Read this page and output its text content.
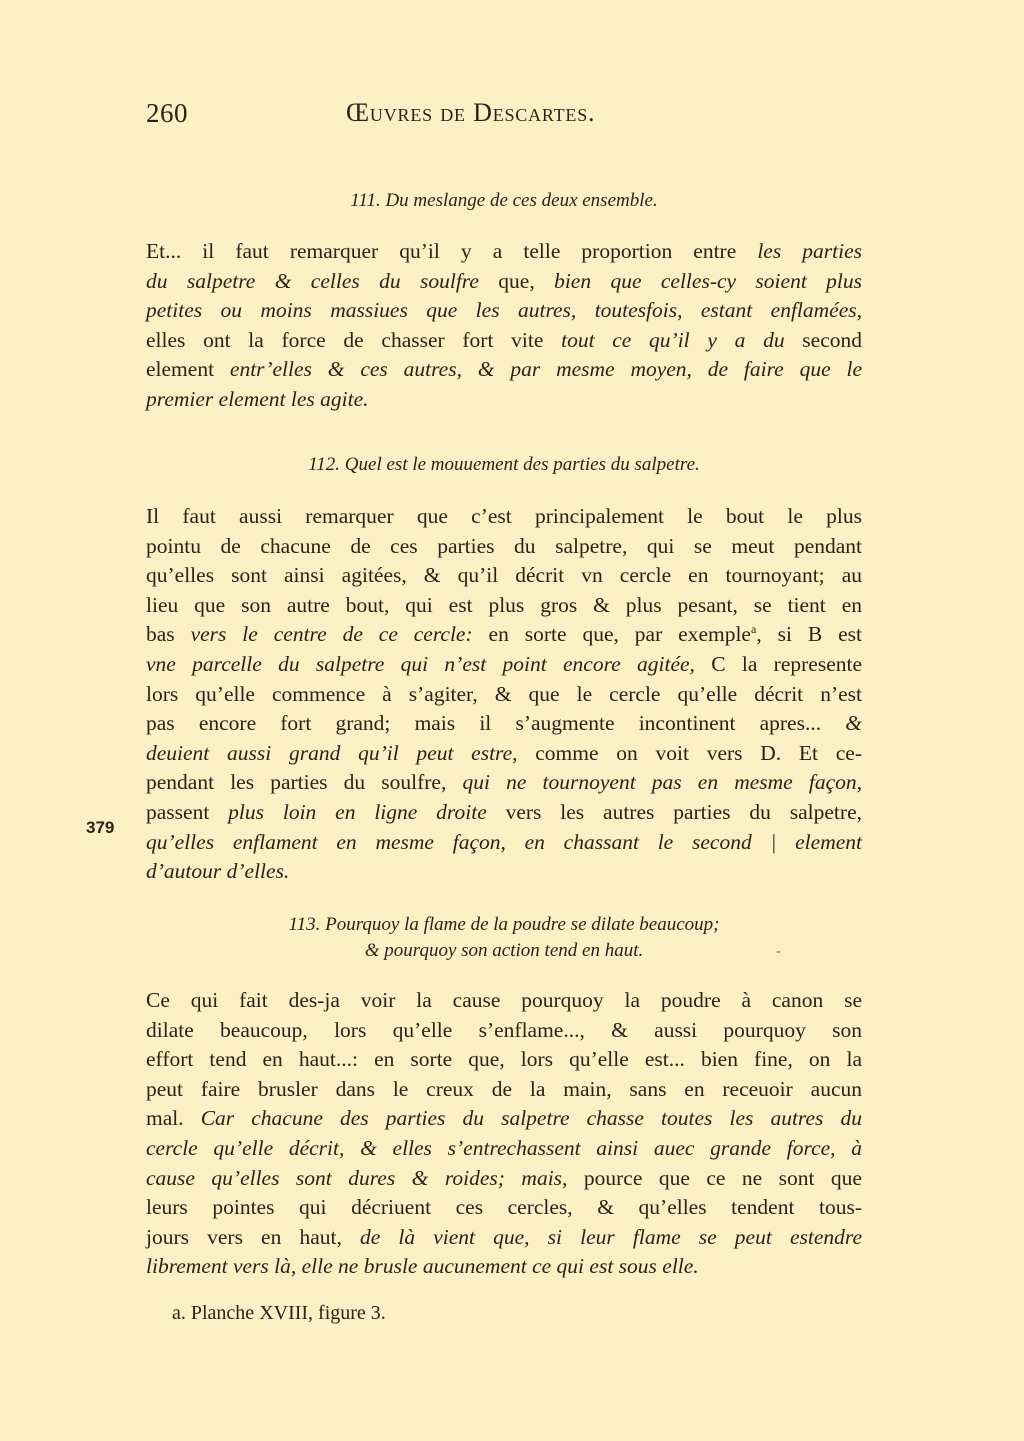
260	Œuvres de Descartes.
111. Du meslange de ces deux ensemble.
Et... il faut remarquer qu’il y a telle proportion entre les parties
du salpetre & celles du soulfre que, bien que celles-cy soient plus
petites ou moins massiues que les autres, toutesfois, estant enflamées,
elles ont la force de chasser fort vite tout ce qu’il y a du second
element entr’elles & ces autres, & par mesme moyen, de faire que le
premier element les agite.
112. Quel est le mouuement des parties du salpetre.
Il faut aussi remarquer que c’est principalement le bout le plus
pointu de chacune de ces parties du salpetre, qui se meut pendant
qu’elles sont ainsi agitées, & qu’il décrit vn cercle en tournoyant; au
lieu que son autre bout, qui est plus gros & plus pesant, se tient en
bas vers le centre de ce cercle: en sorte que, par exemple$^a$, si B est
vne parcelle du salpetre qui n’est point encore agitée, C la represente
lors qu’elle commence à s’agiter, & que le cercle qu’elle décrit n’est
pas encore fort grand; mais il s’augmente incontinent apres... &
deuient aussi grand qu’il peut estre, comme on voit vers D. Et ce-
pendant les parties du soulfre, qui ne tournoyent pas en mesme façon,
passent plus loin en ligne droite vers les autres parties du salpetre,
qu’elles enflament en mesme façon, en chassant le second | element
d’autour d’elles.
379
113. Pourquoy la flame de la poudre se dilate beaucoup;
& pourquoy son action tend en haut.	-
Ce qui fait des-ja voir la cause pourquoy la poudre à canon se
dilate beaucoup, lors qu’elle s’enflame..., & aussi pourquoy son
effort tend en haut...: en sorte que, lors qu’elle est... bien fine, on la
peut faire brusler dans le creux de la main, sans en receuoir aucun
mal. Car chacune des parties du salpetre chasse toutes les autres du
cercle qu’elle décrit, & elles s’entrechassent ainsi auec grande force, à
cause qu’elles sont dures & roides; mais, pource que ce ne sont que
leurs pointes qui décriuent ces cercles, & qu’elles tendent tous-
jours vers en haut, de là vient que, si leur flame se peut estendre
librement vers là, elle ne brusle aucunement ce qui est sous elle.
a. Planche XVIII, figure 3.
